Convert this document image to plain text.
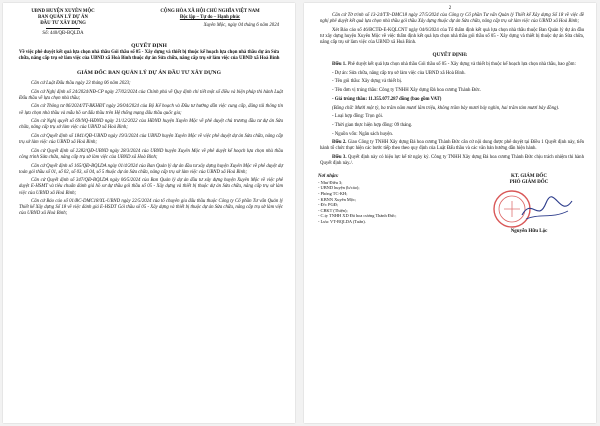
UBND HUYỆN XUYÊN MỘC
BAN QUẢN LÝ DỰ ÁN
ĐẦU TƯ XÂY DỰNG
Số: 440/QĐ-BQLDA
CỘNG HÒA XÃ HỘI CHỦ NGHĨA VIỆT NAM
Độc lập – Tự do – Hạnh phúc
Xuyên Mộc, ngày 04 tháng 6 năm 2024
QUYẾT ĐỊNH
Về việc phê duyệt kết quả lựa chọn nhà thầu Gói thầu số 05 - Xây dựng và thiết bị thuộc kế hoạch lựa chọn nhà thầu dự án Sửa chữa, nâng cấp trụ sở làm việc của UBND xã Hoà Bình thuộc dự án Sửa chữa, nâng cấp trụ sở làm việc của UBND xã Hoà Bình
GIÁM ĐỐC BAN QUẢN LÝ DỰ ÁN ĐẦU TƯ XÂY DỰNG

Căn cứ Luật Đấu thầu ngày 23 tháng 06 năm 2023;

Căn cứ Nghị định số 24/2024/NĐ-CP ngày 27/02/2024 của Chính phủ về Quy định chi tiết một số điều và biện pháp thi hành Luật Đấu thầu về lựa chọn nhà thầu;

Căn cứ Thông tư 06/2024/TT-BKHĐT ngày 26/04/2024 của Bộ Kế hoạch và Đầu tư hướng dẫn việc cung cấp, đăng tải thông tin về lựa chọn nhà thầu và mẫu hồ sơ đấu thầu trên Hệ thống mạng đấu thầu quốc gia;

Căn cứ Nghị quyết số 69/NQ-HĐND ngày 21/12/2022 của HĐND huyện Xuyên Mộc về phê duyệt chủ trương đầu tư dự án Sửa chữa, nâng cấp trụ sở làm việc của UBND xã Hoà Bình;

Căn cứ Quyết định số 1841/QĐ-UBND ngày 19/3/2024 của UBND huyện Xuyên Mộc về việc phê duyệt dự án Sửa chữa, nâng cấp trụ sở làm việc của UBND xã Hoà Bình;

Căn cứ Quyết định số 2282/QĐ-UBND ngày 28/3/2024 của UBND huyện Xuyên Mộc về phê duyệt kế hoạch lựa chọn nhà thầu công trình Sửa chữa, nâng cấp trụ sở làm việc của UBND xã Hoà Bình;

Căn cứ Quyết định số 165/QĐ-BQLDA ngày 01/4/2024 của Ban Quản lý dự án đầu tư xây dựng huyện Xuyên Mộc về phê duyệt dự toán gói thầu số 01, số 02, số 03, số 04, số 5 thuộc dự án Sửa chữa, nâng cấp trụ sở làm việc của UBND xã Hoà Bình;

Căn cứ Quyết định số 347/QĐ-BQLDA ngày 06/5/2024 của Ban Quản lý dự án đầu tư xây dựng huyện Xuyên Mộc về việc phê duyệt E-HSMT và tiêu chuẩn đánh giá hồ sơ dự thầu gói thầu số 05 - Xây dựng và thiết bị thuộc dự án Sửa chữa, nâng cấp trụ sở làm việc của UBND xã Hoà Bình;

Căn cứ Báo cáo số 01/BC-DMC18/XL-UBND ngày 22/5/2024 của tổ chuyên gia đấu thầu thuộc Công ty Cổ phần Tư vấn Quản lý Thiết kế Xây dựng Số 18 về việc đánh giá E-HSDT Gói thầu số 05 - Xây dựng và thiết bị thuộc dự án Sửa chữa, nâng cấp trụ sở làm việc của UBND xã Hoà Bình;

2

Căn cứ Tờ trình số 13-24/TTr-DMC18 ngày 27/5/2024 của Công ty Cổ phần Tư vấn Quản lý Thiết kế Xây dựng Số 18 về việc đề nghị phê duyệt kết quả lựa chọn nhà thầu gói thầu Xây dựng thuộc dự án Sửa chữa, nâng cấp trụ sở làm việc của UBND xã Hoà Bình;

Xét Báo cáo số 46/BCTĐ-E-KQLCNT ngày 04/6/2024 của Tổ thẩm định kết quả lựa chọn nhà thầu thuộc Ban Quản lý dự án đầu tư xây dựng huyện Xuyên Mộc về việc thẩm định kết quả lựa chọn nhà thầu gói thầu số 05 - Xây dựng và thiết bị thuộc dự án Sửa chữa, nâng cấp trụ sở làm việc của UBND xã Hoà Bình.

QUYẾT ĐỊNH:

Điều 1. Phê duyệt kết quả lựa chọn nhà thầu Gói thầu số 05 - Xây dựng và thiết bị thuộc kế hoạch lựa chọn nhà thầu, bao gồm:

- Dự án: Sửa chữa, nâng cấp trụ sở làm việc của UBND xã Hoà Bình.

- Tên gói thầu: Xây dựng và thiết bị.

- Tên đơn vị trúng thầu: Công ty TNHH Xây dựng Đà hoa cương Thành Đức.

- Giá trúng thầu: 11.355.077.287 đồng (bao gồm VAT)

(Bằng chữ: Mười một tỷ, ba trăm năm mươi lăm triệu, không trăm bảy mươi bảy nghìn, hai trăm tám mươi bảy đồng).

- Loại hợp đồng: Trọn gói.

- Thời gian thực hiện hợp đồng: 09 tháng.

- Nguồn vốn: Ngân sách huyện.

Điều 2. Giao Công ty TNHH Xây dựng Đá hoa cương Thành Đức căn cứ nội dung được phê duyệt tại Điều 1 Quyết định này, tiến hành tổ chức thực hiện các bước tiếp theo theo quy định của Luật Đấu thầu và các văn bản hướng dẫn hiện hành.

Điều 3. Quyết định này có hiệu lực kể từ ngày ký. Công ty TNHH Xây dựng Đá hoa cương Thành Đức chịu trách nhiệm thi hành Quyết định này./.

Nơi nhận:
- Như Điều 3;
- UBND huyện (b/cáo);
- Phòng TC-KH;
- KBNN Xuyên Mộc;
- Đ/c PGĐ;
- CBKT (Thiện);
- C.ty TNHH XD Đá hoa cương Thành Đức;
- Lưu: VT-BQLDA (Tuấn).
KT. GIÁM ĐỐC
PHÓ GIÁM ĐỐC
Nguyễn Hữu Lộc
